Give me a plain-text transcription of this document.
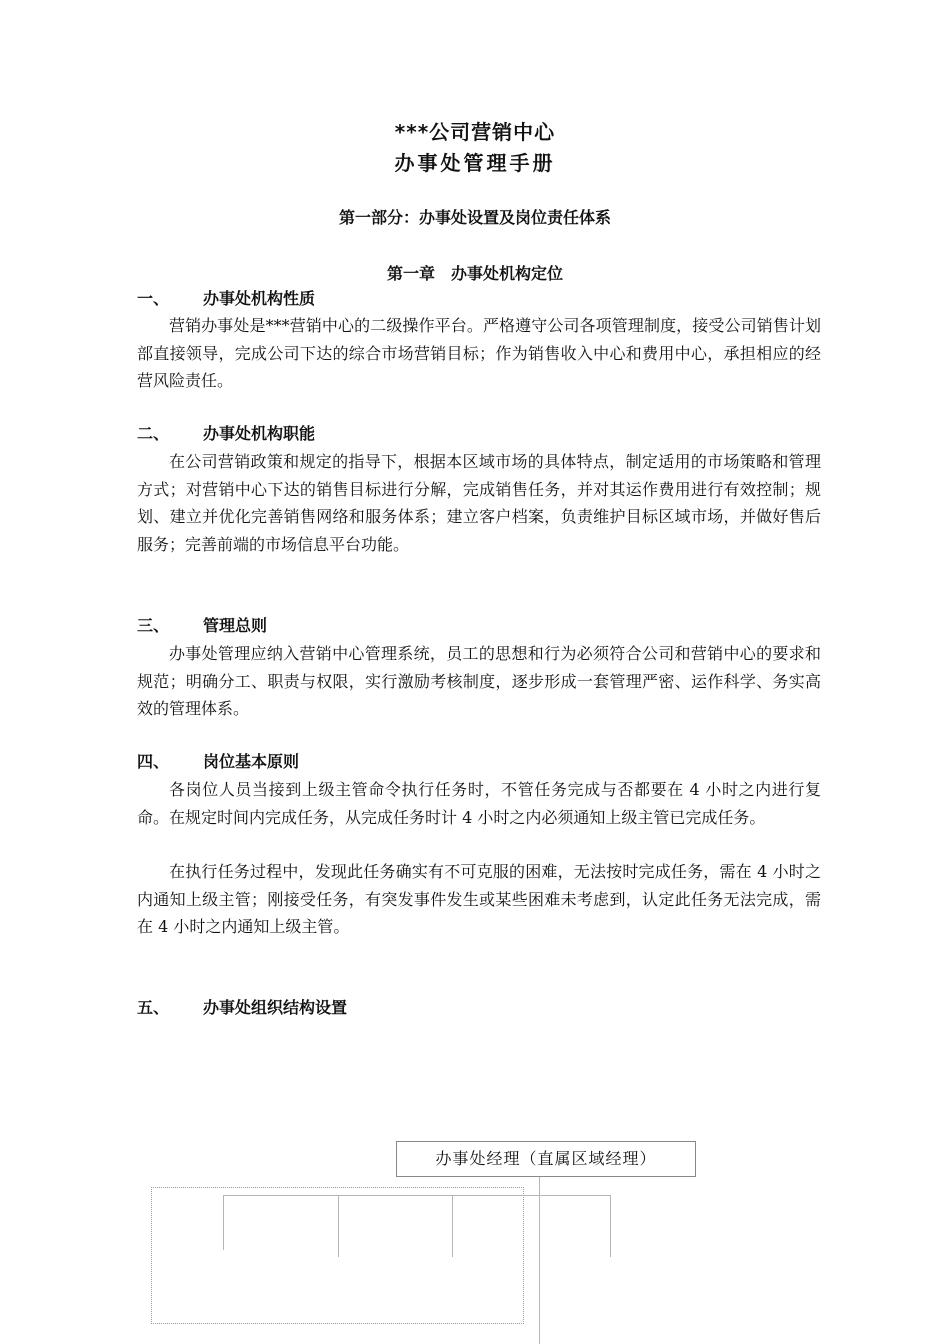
***公司营销中心
办事处管理手册
第一部分：办事处设置及岗位责任体系
第一章　办事处机构定位
一、 办事处机构性质

营销办事处是***营销中心的二级操作平台。严格遵守公司各项管理制度，接受公司销售计划部直接领导，完成公司下达的综合市场营销目标；作为销售收入中心和费用中心，承担相应的经营风险责任。

二、 办事处机构职能

在公司营销政策和规定的指导下，根据本区域市场的具体特点，制定适用的市场策略和管理方式；对营销中心下达的销售目标进行分解，完成销售任务，并对其运作费用进行有效控制；规划、建立并优化完善销售网络和服务体系；建立客户档案，负责维护目标区域市场，并做好售后服务；完善前端的市场信息平台功能。

三、 管理总则

办事处管理应纳入营销中心管理系统，员工的思想和行为必须符合公司和营销中心的要求和规范；明确分工、职责与权限，实行激励考核制度，逐步形成一套管理严密、运作科学、务实高效的管理体系。

四、 岗位基本原则

各岗位人员当接到上级主管命令执行任务时，不管任务完成与否都要在 4 小时之内进行复命。在规定时间内完成任务，从完成任务时计 4 小时之内必须通知上级主管已完成任务。

在执行任务过程中，发现此任务确实有不可克服的困难，无法按时完成任务，需在 4 小时之内通知上级主管；刚接受任务，有突发事件发生或某些困难未考虑到，认定此任务无法完成，需在 4 小时之内通知上级主管。

五、 办事处组织结构设置
办事处经理（直属区域经理）
